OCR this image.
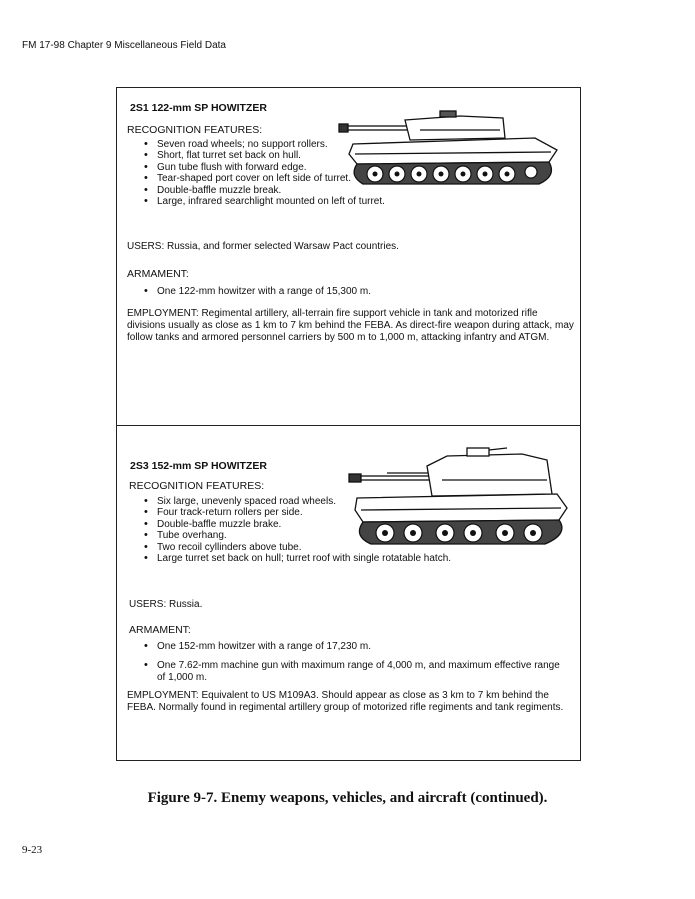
FM 17-98 Chapter 9 Miscellaneous Field Data
2S1 122-mm SP HOWITZER
RECOGNITION FEATURES:
• Seven road wheels; no support rollers.
• Short, flat turret set back on hull.
• Gun tube flush with forward edge.
• Tear-shaped port cover on left side of turret.
• Double-baffle muzzle break.
• Large, infrared searchlight mounted on left of turret.
USERS: Russia, and former selected Warsaw Pact countries.
ARMAMENT:
• One 122-mm howitzer with a range of 15,300 m.

EMPLOYMENT: Regimental artillery, all-terrain fire support vehicle in tank and motorized rifle divisions usually as close as 1 km to 7 km behind the FEBA. As direct-fire weapon during attack, may follow tanks and armored personnel carriers by 500 m to 1,000 m, attacking infantry and ATGM.

2S3 152-mm SP HOWITZER
RECOGNITION FEATURES:
• Six large, unevenly spaced road wheels.
• Four track-return rollers per side.
• Double-baffle muzzle brake.
• Tube overhang.
• Two recoil cyllinders above tube.
• Large turret set back on hull; turret roof with single rotatable hatch.
USERS: Russia.
ARMAMENT:
• One 152-mm howitzer with a range of 17,230 m.
• One 7.62-mm machine gun with maximum range of 4,000 m, and maximum effective range of 1,000 m.

EMPLOYMENT: Equivalent to US M109A3. Should appear as close as 3 km to 7 km behind the FEBA. Normally found in regimental artillery group of motorized rifle regiments and tank regiments.

Figure 9-7. Enemy weapons, vehicles, and aircraft (continued).
9-23
